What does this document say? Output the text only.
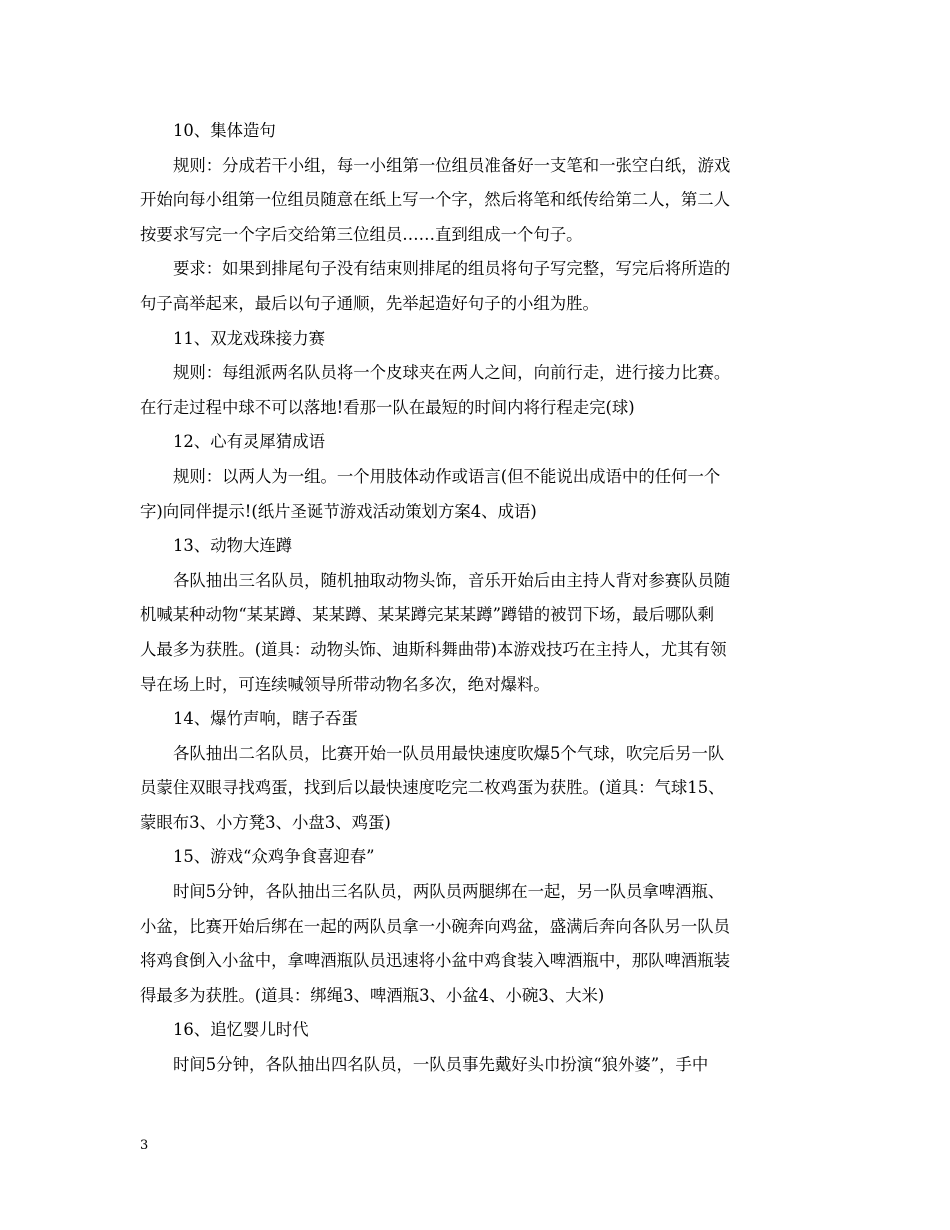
10、集体造句
规则：分成若干小组，每一小组第一位组员准备好一支笔和一张空白纸，游戏
开始向每小组第一位组员随意在纸上写一个字，然后将笔和纸传给第二人，第二人
按要求写完一个字后交给第三位组员……直到组成一个句子。
要求：如果到排尾句子没有结束则排尾的组员将句子写完整，写完后将所造的
句子高举起来，最后以句子通顺，先举起造好句子的小组为胜。
11、双龙戏珠接力赛
规则：每组派两名队员将一个皮球夹在两人之间，向前行走，进行接力比赛。
在行走过程中球不可以落地!看那一队在最短的时间内将行程走完(球)
12、心有灵犀猜成语
规则：以两人为一组。一个用肢体动作或语言(但不能说出成语中的任何一个
字)向同伴提示!(纸片圣诞节游戏活动策划方案4、成语)
13、动物大连蹲
各队抽出三名队员，随机抽取动物头饰，音乐开始后由主持人背对参赛队员随
机喊某种动物“某某蹲、某某蹲、某某蹲完某某蹲”蹲错的被罚下场，最后哪队剩
人最多为获胜。(道具：动物头饰、迪斯科舞曲带)本游戏技巧在主持人，尤其有领
导在场上时，可连续喊领导所带动物名多次，绝对爆料。
14、爆竹声响，瞎子吞蛋
各队抽出二名队员，比赛开始一队员用最快速度吹爆5个气球，吹完后另一队
员蒙住双眼寻找鸡蛋，找到后以最快速度吃完二枚鸡蛋为获胜。(道具：气球15、
蒙眼布3、小方凳3、小盘3、鸡蛋)
15、游戏“众鸡争食喜迎春”
时间5分钟，各队抽出三名队员，两队员两腿绑在一起，另一队员拿啤酒瓶、
小盆，比赛开始后绑在一起的两队员拿一小碗奔向鸡盆，盛满后奔向各队另一队员
将鸡食倒入小盆中，拿啤酒瓶队员迅速将小盆中鸡食装入啤酒瓶中，那队啤酒瓶装
得最多为获胜。(道具：绑绳3、啤酒瓶3、小盆4、小碗3、大米)
16、追忆婴儿时代
时间5分钟，各队抽出四名队员，一队员事先戴好头巾扮演“狼外婆”，手中
3
